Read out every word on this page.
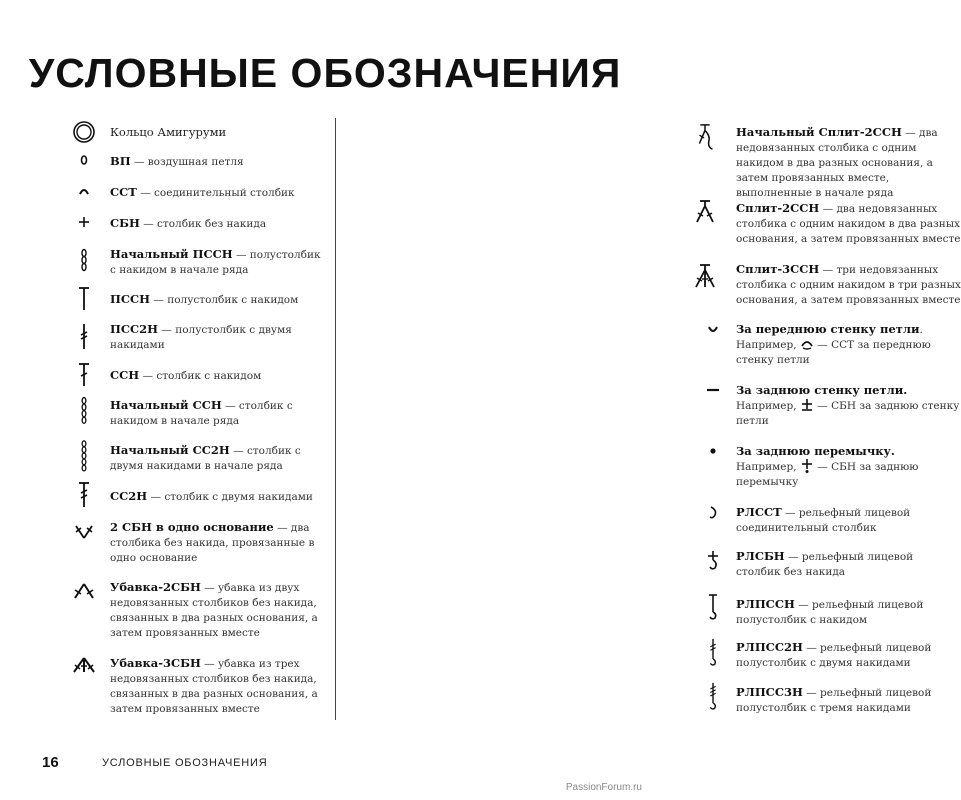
УСЛОВНЫЕ ОБОЗНАЧЕНИЯ
Кольцо Амигуруми
ВП — воздушная петля
ССТ — соединительный столбик
СБН — столбик без накида
Начальный ПССН — полустолбик с накидом в начале ряда
ПССН — полустолбик с накидом
ПСС2Н — полустолбик с двумя накидами
ССН — столбик с накидом
Начальный ССН — столбик с накидом в начале ряда
Начальный СС2Н — столбик с двумя накидами в начале ряда
СС2Н — столбик с двумя накидами
2 СБН в одно основание — два столбика без накида, провязанные в одно основание
Убавка-2СБН — убавка из двух недовязанных столбиков без накида, связанных в два разных основания, а затем провязанных вместе
Убавка-3СБН — убавка из трех недовязанных столбиков без накида, связанных в два разных основания, а затем провязанных вместе
Начальный Сплит-2ССН — два недовязанных столбика с одним накидом в два разных основания, а затем провязанных вместе, выполненные в начале ряда
Сплит-2ССН — два недовязанных столбика с одним накидом в два разных основания, а затем провязанных вместе
Сплит-3ССН — три недовязанных столбика с одним накидом в три разных основания, а затем провязанных вместе
За переднюю стенку петли.
Например,  — ССТ за переднюю стенку петли
За заднюю стенку петли.
Например,  — СБН за заднюю стенку петли
За заднюю перемычку.
Например,  — СБН за заднюю перемычку
РЛССТ — рельефный лицевой соединительный столбик
РЛСБН — рельефный лицевой столбик без накида
РЛПССН — рельефный лицевой полустолбик с накидом
РЛПСС2Н — рельефный лицевой полустолбик с двумя накидами
РЛПСС3Н — рельефный лицевой полустолбик с тремя накидами
16	УСЛОВНЫЕ ОБОЗНАЧЕНИЯ
PassionForum.ru
